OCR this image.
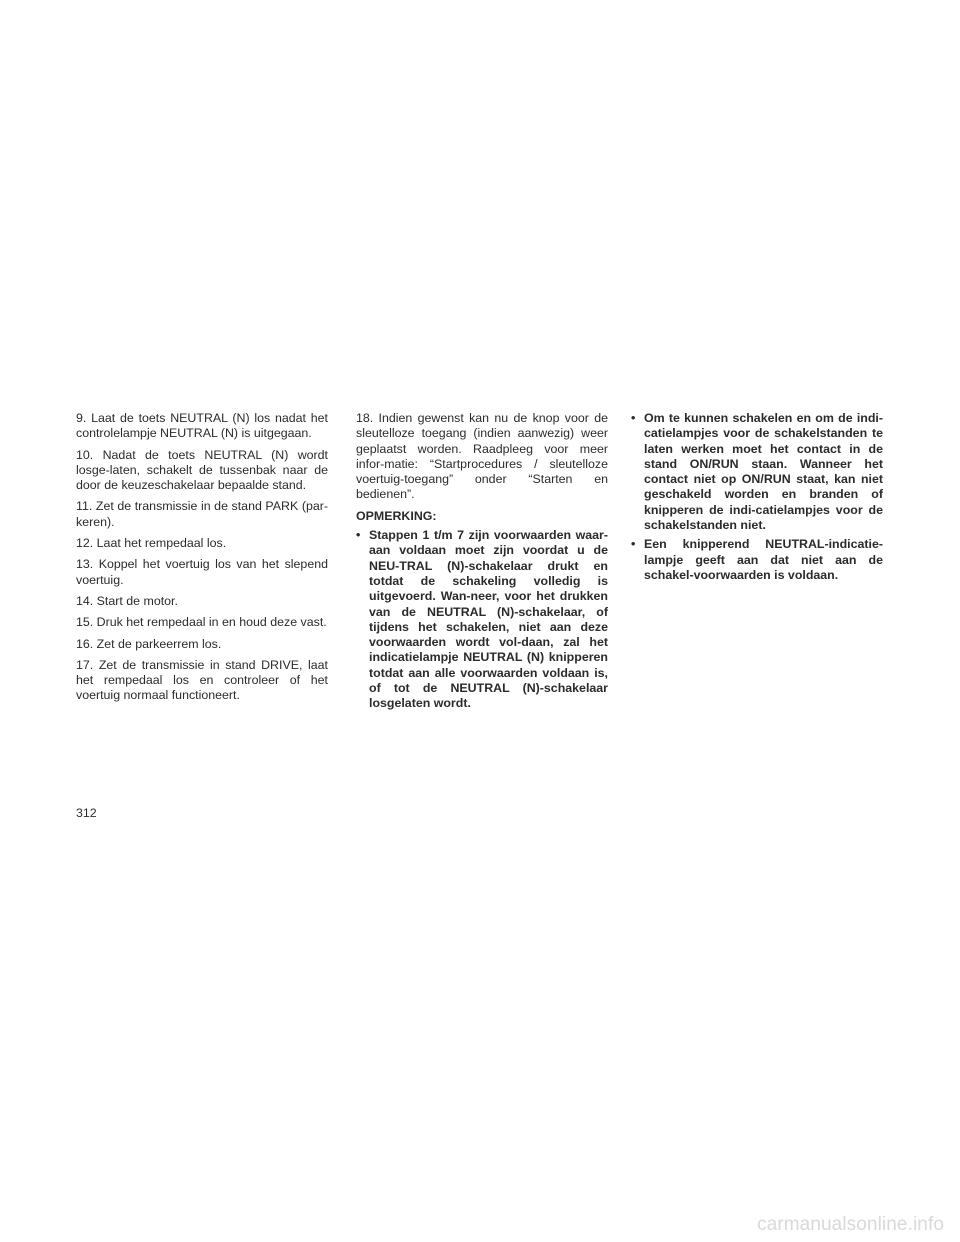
9. Laat de toets NEUTRAL (N) los nadat het controlelampje NEUTRAL (N) is uitgegaan.

10. Nadat de toets NEUTRAL (N) wordt losge-laten, schakelt de tussenbak naar de door de keuzeschakelaar bepaalde stand.

11. Zet de transmissie in de stand PARK (par-keren).

12. Laat het rempedaal los.

13. Koppel het voertuig los van het slepend voertuig.

14. Start de motor.

15. Druk het rempedaal in en houd deze vast.

16. Zet de parkeerrem los.

17. Zet de transmissie in stand DRIVE, laat het rempedaal los en controleer of het voertuig normaal functioneert.

18. Indien gewenst kan nu de knop voor de sleutelloze toegang (indien aanwezig) weer geplaatst worden. Raadpleeg voor meer infor-matie: “Startprocedures / sleutelloze voertuig-toegang” onder “Starten en bedienen”.

OPMERKING:

• Stappen 1 t/m 7 zijn voorwaarden waar-aan voldaan moet zijn voordat u de NEU-TRAL (N)-schakelaar drukt en totdat de schakeling volledig is uitgevoerd. Wan-neer, voor het drukken van de NEUTRAL (N)-schakelaar, of tijdens het schakelen, niet aan deze voorwaarden wordt vol-daan, zal het indicatielampje NEUTRAL (N) knipperen totdat aan alle voorwaarden voldaan is, of tot de NEUTRAL (N)-schakelaar losgelaten wordt.
• Om te kunnen schakelen en om de indi-catielampjes voor de schakelstanden te laten werken moet het contact in de stand ON/RUN staan. Wanneer het contact niet op ON/RUN staat, kan niet geschakeld worden en branden of knipperen de indi-catielampjes voor de schakelstanden niet.
• Een knipperend NEUTRAL-indicatie-lampje geeft aan dat niet aan de schakel-voorwaarden is voldaan.
312
carmanualsonline.info
